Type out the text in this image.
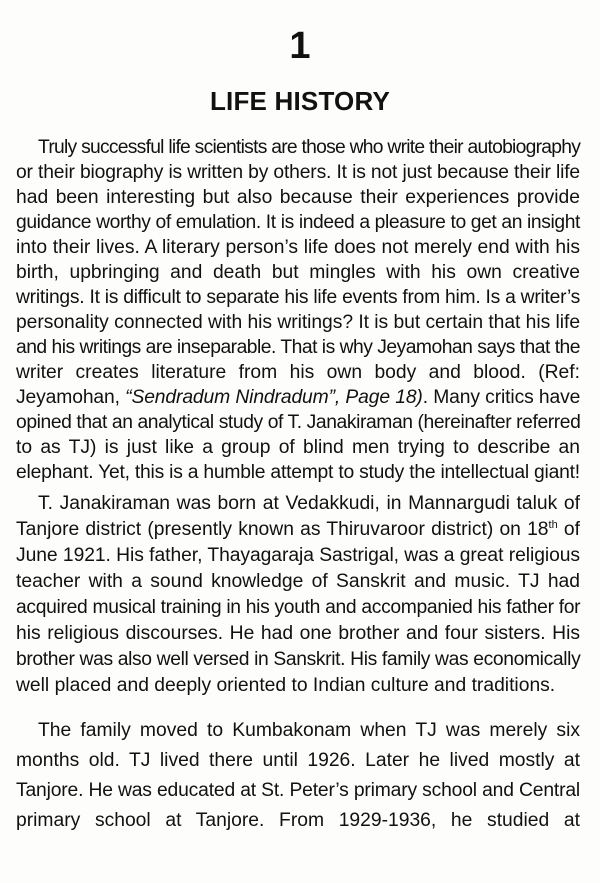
1
LIFE HISTORY
Truly successful life scientists are those who write their autobiography
or their biography is written by others. It is not just because their life
had been interesting but also because their experiences provide
guidance worthy of emulation. It is indeed a pleasure to get an insight
into their lives. A literary person’s life does not merely end with his
birth, upbringing and death but mingles with his own creative
writings. It is difficult to separate his life events from him. Is a writer’s
personality connected with his writings? It is but certain that his life
and his writings are inseparable. That is why Jeyamohan says that the
writer creates literature from his own body and blood. (Ref:
Jeyamohan, “Sendradum Nindradum”, Page 18). Many critics have
opined that an analytical study of T. Janakiraman (hereinafter referred
to as TJ) is just like a group of blind men trying to describe an
elephant. Yet, this is a humble attempt to study the intellectual giant!
T. Janakiraman was born at Vedakkudi, in Mannargudi taluk of
Tanjore district (presently known as Thiruvaroor district) on 18th of
June 1921. His father, Thayagaraja Sastrigal, was a great religious
teacher with a sound knowledge of Sanskrit and music. TJ had
acquired musical training in his youth and accompanied his father for
his religious discourses. He had one brother and four sisters. His
brother was also well versed in Sanskrit. His family was economically
well placed and deeply oriented to Indian culture and traditions.
The family moved to Kumbakonam when TJ was merely six
months old. TJ lived there until 1926. Later he lived mostly at
Tanjore. He was educated at St. Peter’s primary school and Central
primary school at Tanjore. From 1929-1936, he studied at
